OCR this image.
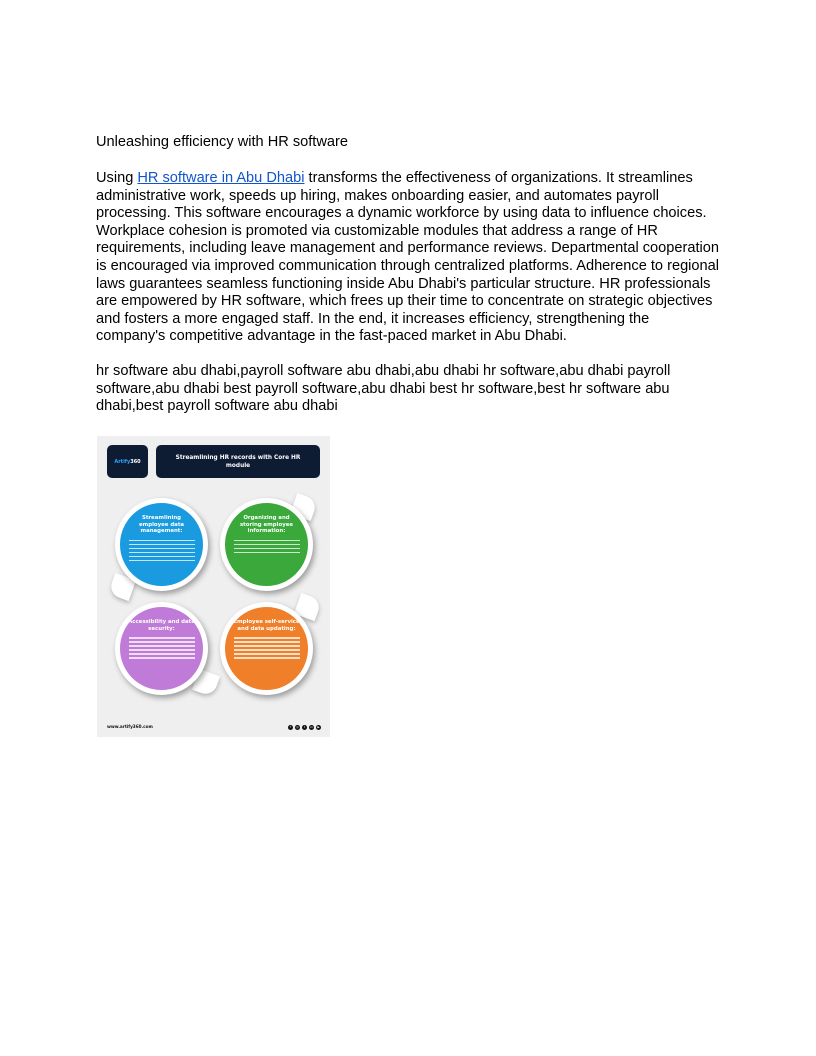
Unleashing efficiency with HR software

Using HR software in Abu Dhabi transforms the effectiveness of organizations. It streamlines administrative work, speeds up hiring, makes onboarding easier, and automates payroll processing. This software encourages a dynamic workforce by using data to influence choices. Workplace cohesion is promoted via customizable modules that address a range of HR requirements, including leave management and performance reviews. Departmental cooperation is encouraged via improved communication through centralized platforms. Adherence to regional laws guarantees seamless functioning inside Abu Dhabi's particular structure. HR professionals are empowered by HR software, which frees up their time to concentrate on strategic objectives and fosters a more engaged staff. In the end, it increases efficiency, strengthening the company's competitive advantage in the fast-paced market in Abu Dhabi.

hr software abu dhabi,payroll software abu dhabi,abu dhabi hr software,abu dhabi payroll software,abu dhabi best payroll software,abu dhabi best hr software,best hr software abu dhabi,best payroll software abu dhabi

Artify360
Streamlining HR records with Core HR module
Streamlining employee data management:
Organizing and storing employee information:
Accessibility and data security:
Employee self-service and data updating:
www.artify360.com	f	◎	t	in	▶
